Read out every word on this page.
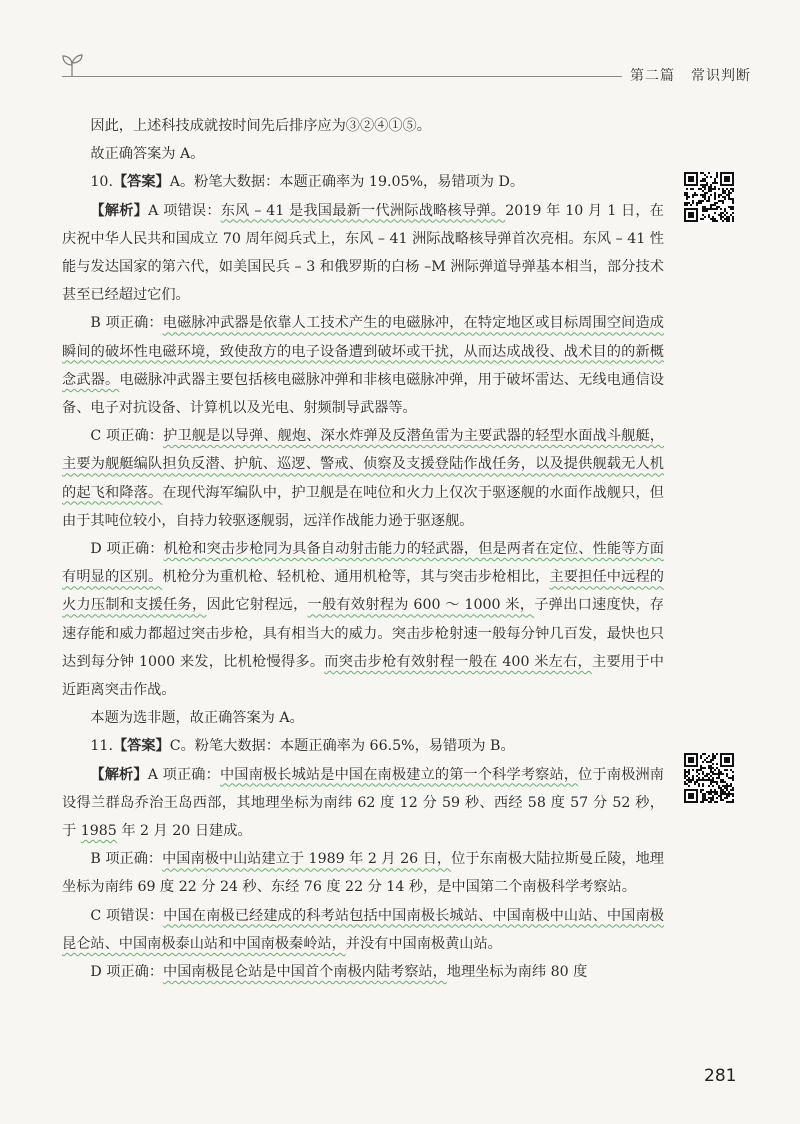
第二篇 常识判断

因此，上述科技成就按时间先后排序应为③②④①⑤。

故正确答案为 A。

10.【答案】A。粉笔大数据：本题正确率为 19.05%，易错项为 D。

【解析】A 项错误：东风 – 41 是我国最新一代洲际战略核导弹。2019 年 10 月 1 日，在庆祝中华人民共和国成立 70 周年阅兵式上，东风 – 41 洲际战略核导弹首次亮相。东风 – 41 性能与发达国家的第六代，如美国民兵 – 3 和俄罗斯的白杨 –M 洲际弹道导弹基本相当，部分技术甚至已经超过它们。

B 项正确：电磁脉冲武器是依靠人工技术产生的电磁脉冲，在特定地区或目标周围空间造成瞬间的破坏性电磁环境，致使敌方的电子设备遭到破坏或干扰，从而达成战役、战术目的的新概念武器。电磁脉冲武器主要包括核电磁脉冲弹和非核电磁脉冲弹，用于破坏雷达、无线电通信设备、电子对抗设备、计算机以及光电、射频制导武器等。

C 项正确：护卫舰是以导弹、舰炮、深水炸弹及反潜鱼雷为主要武器的轻型水面战斗舰艇，主要为舰艇编队担负反潜、护航、巡逻、警戒、侦察及支援登陆作战任务，以及提供舰载无人机的起飞和降落。在现代海军编队中，护卫舰是在吨位和火力上仅次于驱逐舰的水面作战舰只，但由于其吨位较小，自持力较驱逐舰弱，远洋作战能力逊于驱逐舰。

D 项正确：机枪和突击步枪同为具备自动射击能力的轻武器，但是两者在定位、性能等方面有明显的区别。机枪分为重机枪、轻机枪、通用机枪等，其与突击步枪相比，主要担任中远程的火力压制和支援任务，因此它射程远，一般有效射程为 600 ～ 1000 米，子弹出口速度快，存速存能和威力都超过突击步枪，具有相当大的威力。突击步枪射速一般每分钟几百发，最快也只达到每分钟 1000 来发，比机枪慢得多。而突击步枪有效射程一般在 400 米左右，主要用于中近距离突击作战。

本题为选非题，故正确答案为 A。

11.【答案】C。粉笔大数据：本题正确率为 66.5%，易错项为 B。

【解析】A 项正确：中国南极长城站是中国在南极建立的第一个科学考察站，位于南极洲南设得兰群岛乔治王岛西部，其地理坐标为南纬 62 度 12 分 59 秒、西经 58 度 57 分 52 秒，于 1985 年 2 月 20 日建成。

B 项正确：中国南极中山站建立于 1989 年 2 月 26 日，位于东南极大陆拉斯曼丘陵，地理坐标为南纬 69 度 22 分 24 秒、东经 76 度 22 分 14 秒，是中国第二个南极科学考察站。

C 项错误：中国在南极已经建成的科考站包括中国南极长城站、中国南极中山站、中国南极昆仑站、中国南极泰山站和中国南极秦岭站，并没有中国南极黄山站。

D 项正确：中国南极昆仑站是中国首个南极内陆考察站，地理坐标为南纬 80 度

281
